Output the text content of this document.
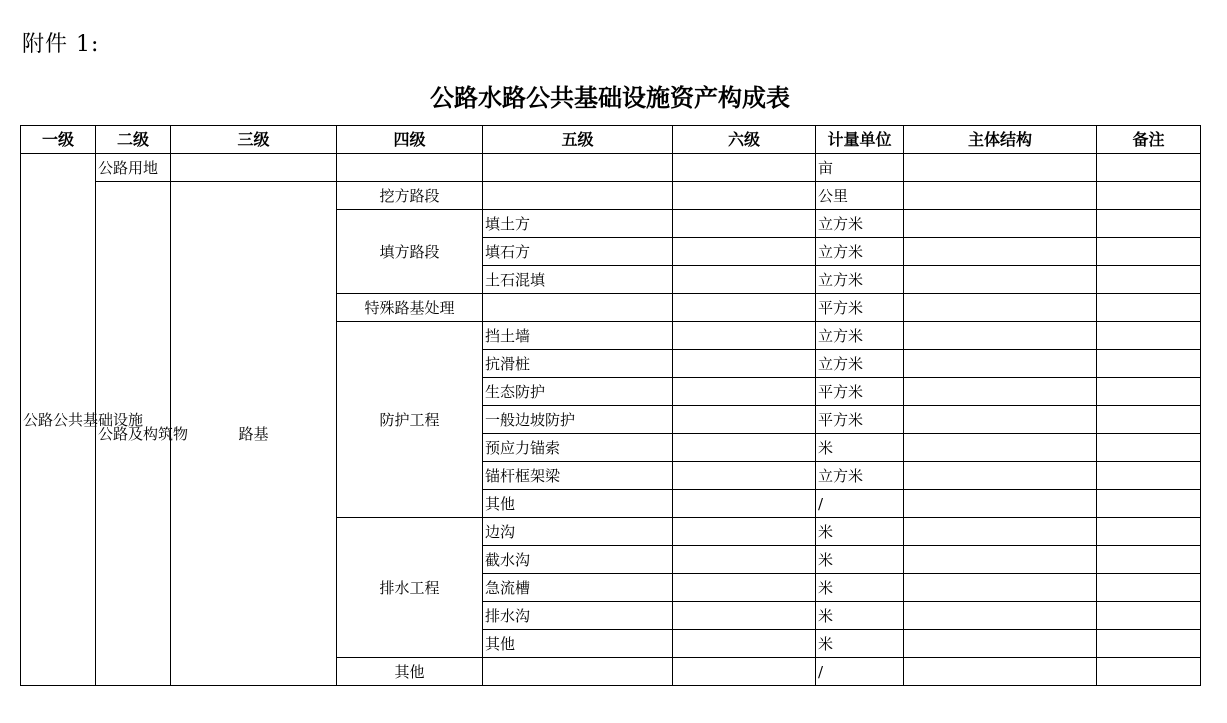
附件 1:
公路水路公共基础设施资产构成表
一级	二级	三级	四级	五级	六级	计量单位	主体结构	备注
公路公共基础设施	公路用地					亩		
	公路及构筑物	路基	挖方路段			公里		
			填方路段	填土方		立方米		
				填石方		立方米		
				土石混填		立方米		
			特殊路基处理			平方米		
			防护工程	挡土墙		立方米		
				抗滑桩		立方米		
				生态防护		平方米		
				一般边坡防护		平方米		
				预应力锚索		米		
				锚杆框架梁		立方米		
				其他		/		
			排水工程	边沟		米		
				截水沟		米		
				急流槽		米		
				排水沟		米		
				其他		米		
			其他			/		
